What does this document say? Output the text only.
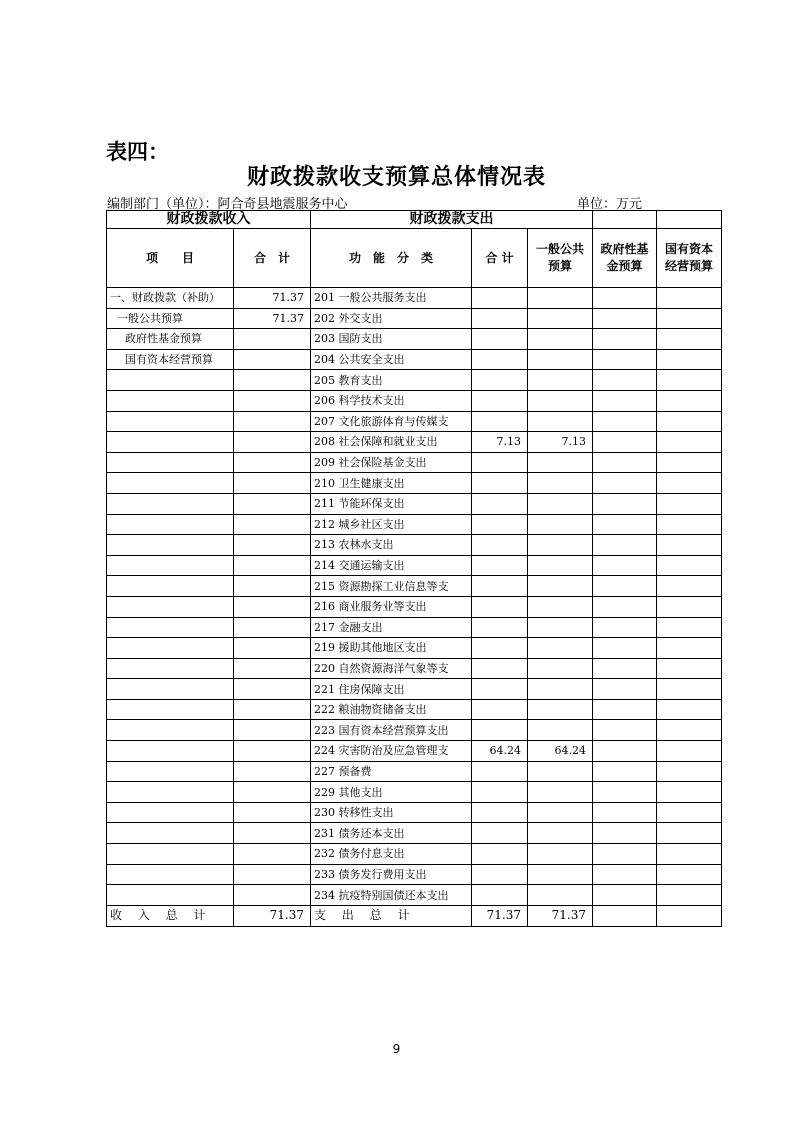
表四：
财政拨款收支预算总体情况表
编制部门（单位）：阿合奇县地震服务中心	单位：万元
财政拨款收入		财政拨款支出				
项　　目	合　计	功　能　分　类	合 计	一般公共预算	政府性基金预算	国有资本经营预算
一、财政拨款（补助）	71.37	201 一般公共服务支出				
一般公共预算	71.37	202 外交支出				
政府性基金预算		203 国防支出				
国有资本经营预算		204 公共安全支出				
		205 教育支出				
		206 科学技术支出				
		207 文化旅游体育与传媒支				
		208 社会保障和就业支出	7.13	7.13		
		209 社会保险基金支出				
		210 卫生健康支出				
		211 节能环保支出				
		212 城乡社区支出				
		213 农林水支出				
		214 交通运输支出				
		215 资源勘探工业信息等支				
		216 商业服务业等支出				
		217 金融支出				
		219 援助其他地区支出				
		220 自然资源海洋气象等支				
		221 住房保障支出				
		222 粮油物资储备支出				
		223 国有资本经营预算支出				
		224 灾害防治及应急管理支	64.24	64.24		
		227 预备费				
		229 其他支出				
		230 转移性支出				
		231 债务还本支出				
		232 债务付息支出				
		233 债务发行费用支出				
		234 抗疫特别国债还本支出				
收 入 总 计	71.37	支 出 总 计	71.37	71.37		
9
